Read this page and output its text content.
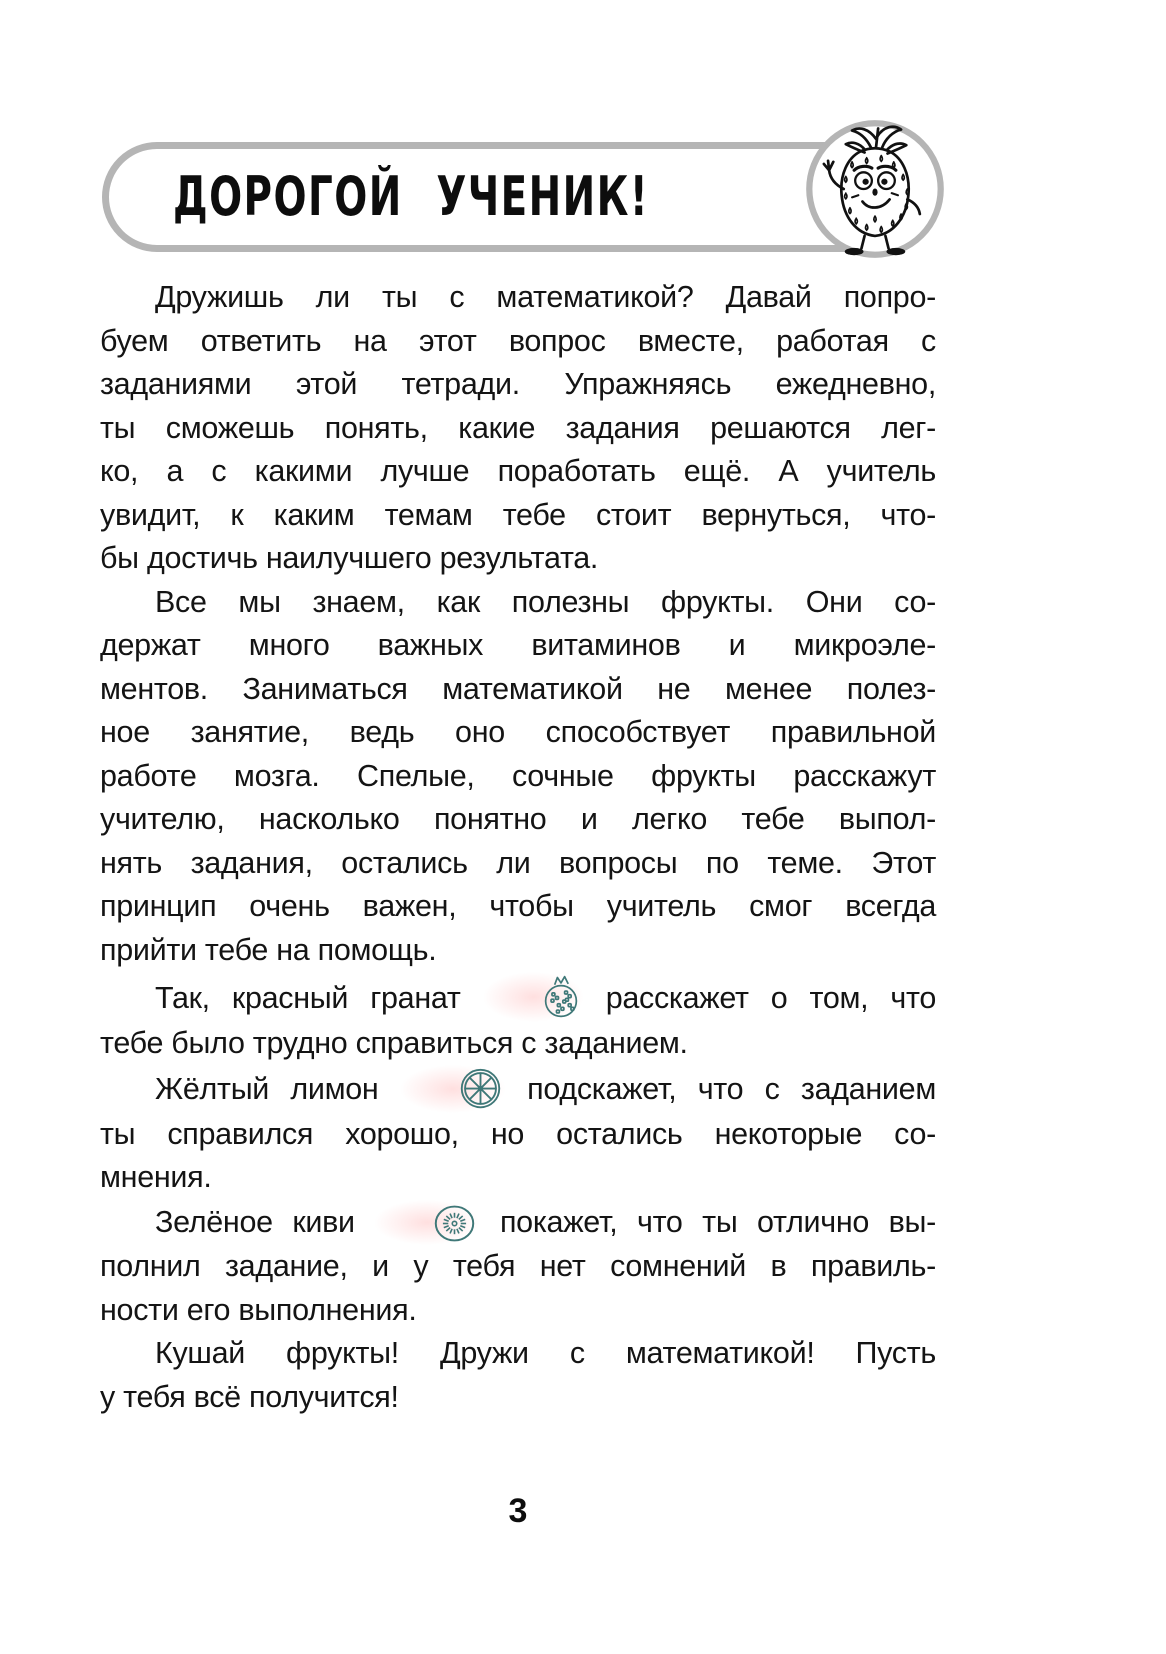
ДОРОГОЙ УЧЕНИК!
Дружишь ли ты с математикой? Давай попро-
буем ответить на этот вопрос вместе, работая с
заданиями этой тетради. Упражняясь ежедневно,
ты сможешь понять, какие задания решаются лег-
ко, а с какими лучше поработать ещё. А учитель
увидит, к каким темам тебе стоит вернуться, что-
бы достичь наилучшего результата.
Все мы знаем, как полезны фрукты. Они со-
держат много важных витаминов и микроэле-
ментов. Заниматься математикой не менее полез-
ное занятие, ведь оно способствует правильной
работе мозга. Спелые, сочные фрукты расскажут
учителю, насколько понятно и легко тебе выпол-
нять задания, остались ли вопросы по теме. Этот
принцип очень важен, чтобы учитель смог всегда
прийти тебе на помощь.
Так, красный гранат	расскажет о том, что
тебе было трудно справиться с заданием.
Жёлтый лимон	подскажет, что с заданием
ты справился хорошо, но остались некоторые со-
мнения.
Зелёное киви	покажет, что ты отлично вы-
полнил задание, и у тебя нет сомнений в правиль-
ности его выполнения.
Кушай фрукты! Дружи с математикой! Пусть
у тебя всё получится!
3
